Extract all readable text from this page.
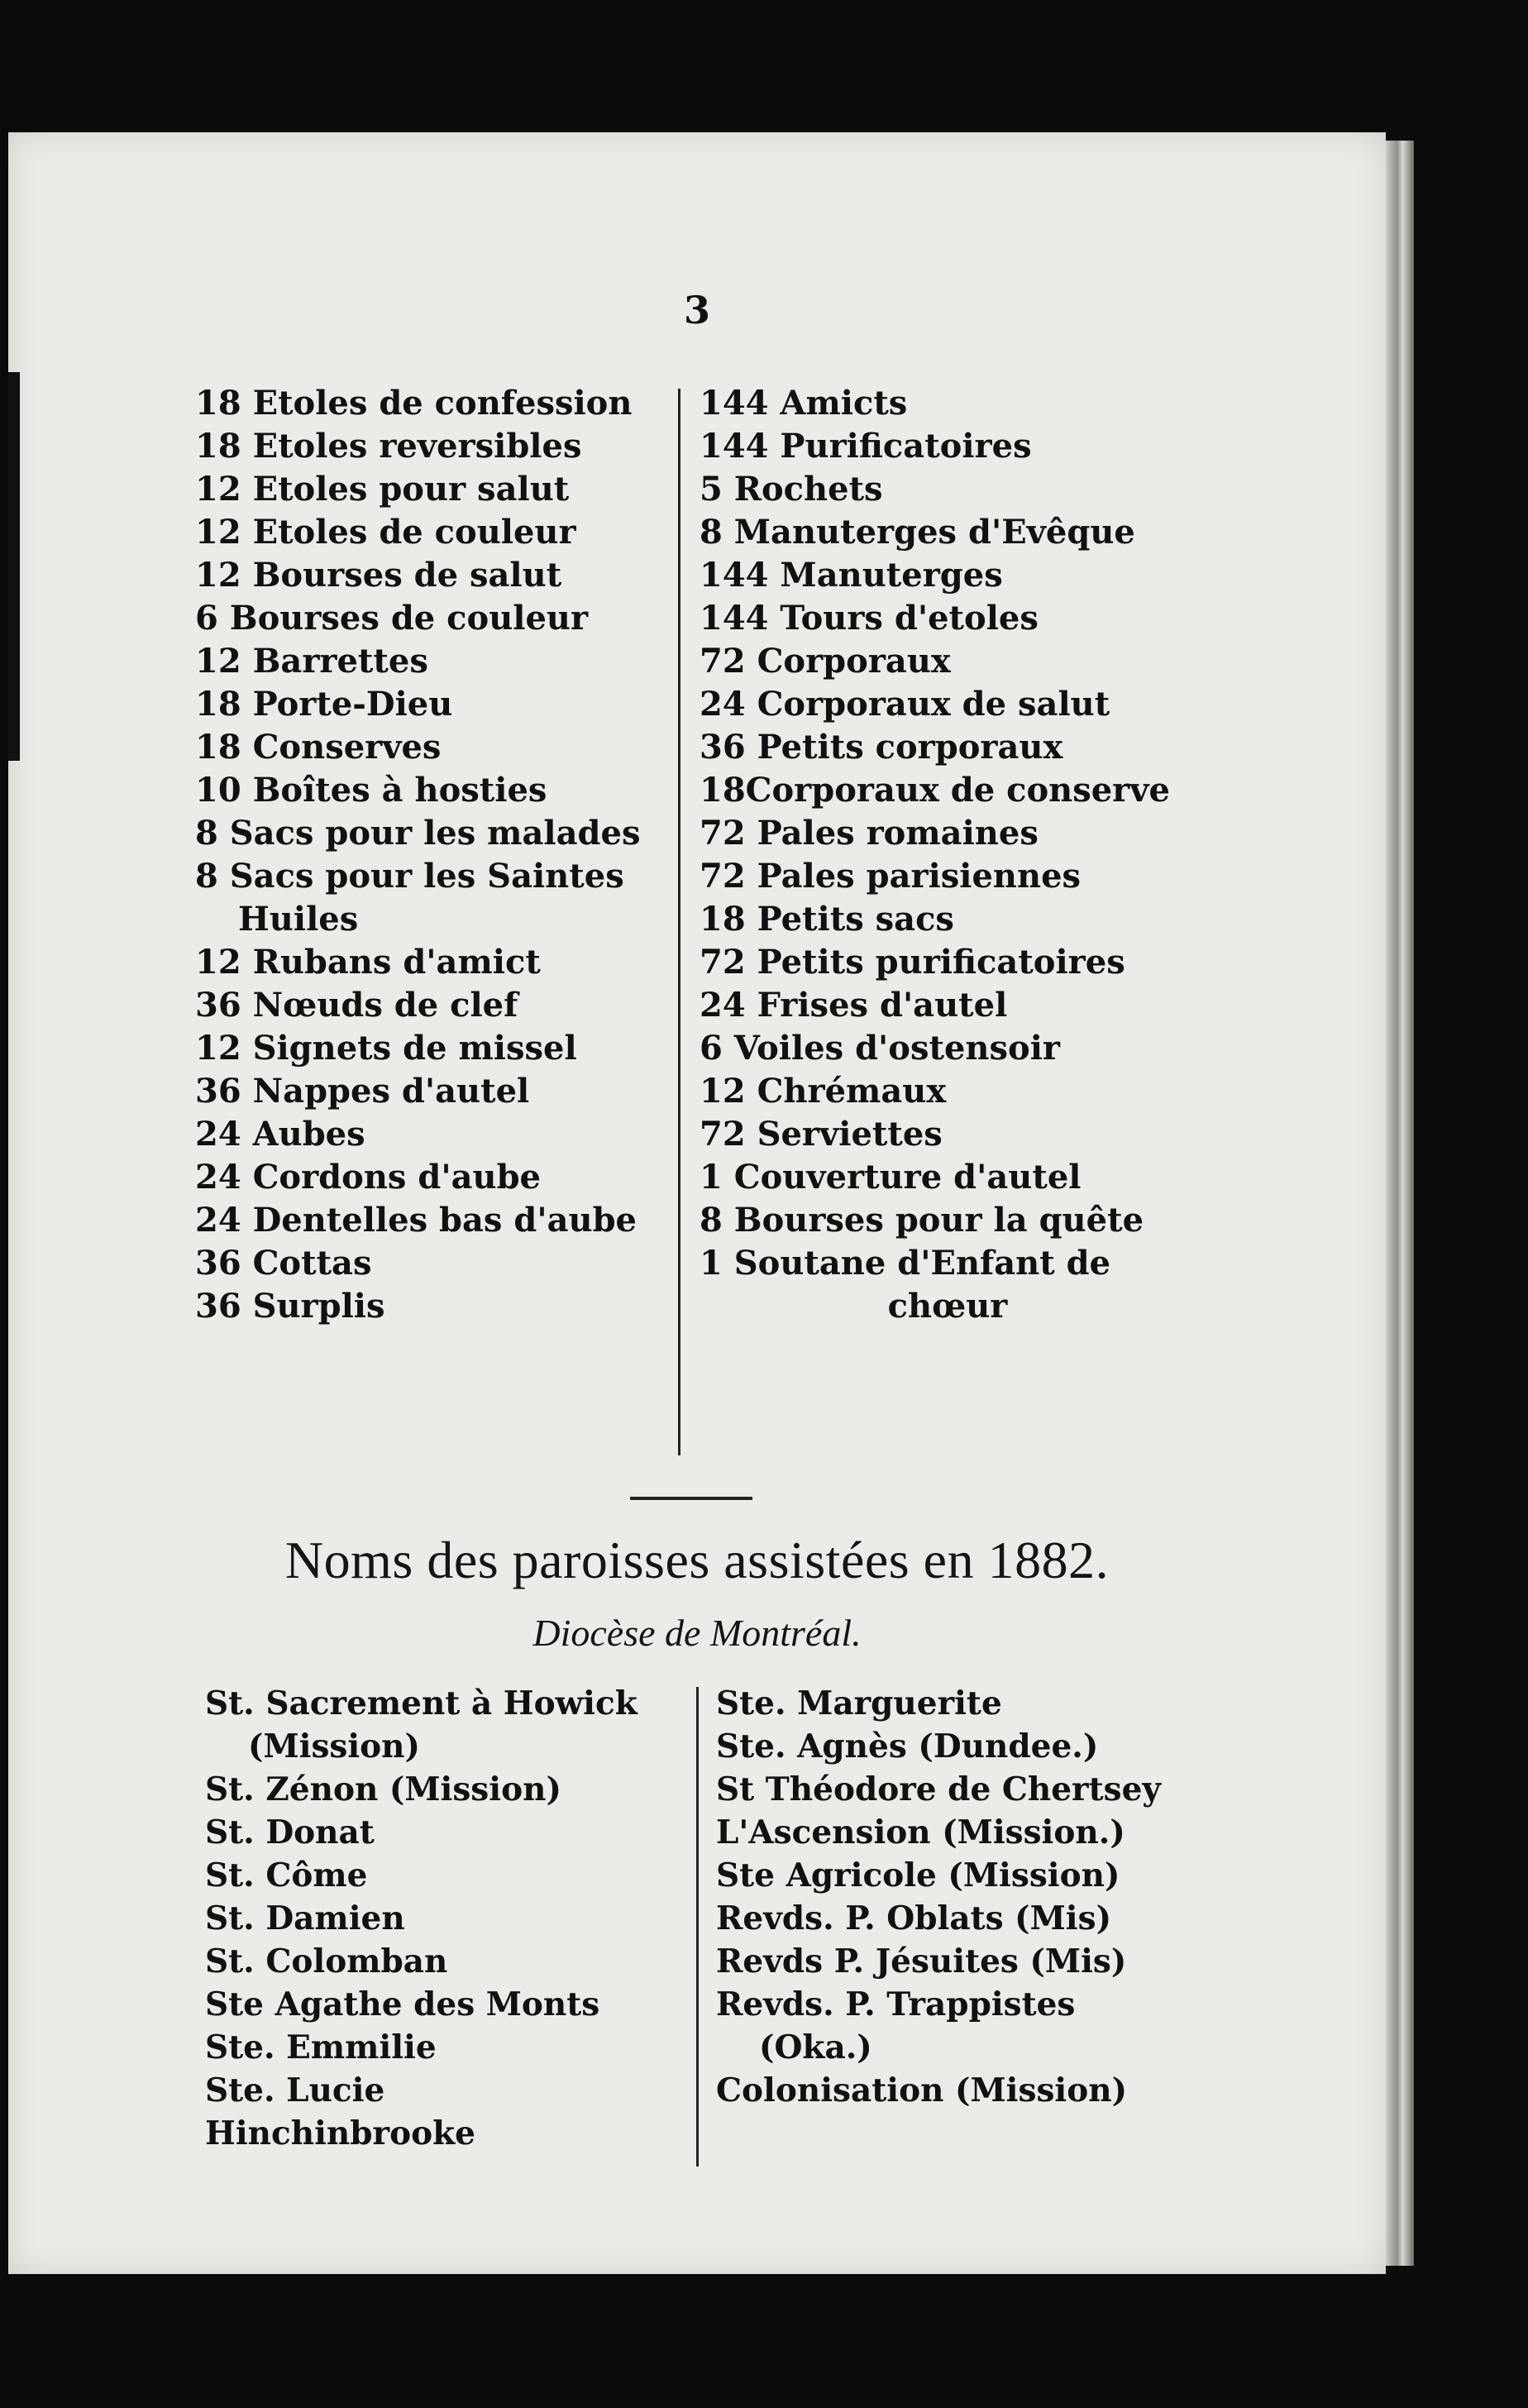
3
18 Etoles de confession
18 Etoles reversibles
12 Etoles pour salut
12 Etoles de couleur
12 Bourses de salut
6 Bourses de couleur
12 Barrettes
18 Porte-Dieu
18 Conserves
10 Boîtes à hosties
8 Sacs pour les malades
8 Sacs pour les Saintes
Huiles
12 Rubans d'amict
36 Nœuds de clef
12 Signets de missel
36 Nappes d'autel
24 Aubes
24 Cordons d'aube
24 Dentelles bas d'aube
36 Cottas
36 Surplis
144 Amicts
144 Purificatoires
5 Rochets
8 Manuterges d'Evêque
144 Manuterges
144 Tours d'etoles
72 Corporaux
24 Corporaux de salut
36 Petits corporaux
18Corporaux de conserve
72 Pales romaines
72 Pales parisiennes
18 Petits sacs
72 Petits purificatoires
24 Frises d'autel
6 Voiles d'ostensoir
12 Chrémaux
72 Serviettes
1 Couverture d'autel
8 Bourses pour la quête
1 Soutane d'Enfant de
chœur
Noms des paroisses assistées en 1882.
Diocèse de Montréal.
St. Sacrement à Howick
(Mission)
St. Zénon (Mission)
St. Donat
St. Côme
St. Damien
St. Colomban
Ste Agathe des Monts
Ste. Emmilie
Ste. Lucie
Hinchinbrooke
Ste. Marguerite
Ste. Agnès (Dundee.)
St Théodore de Chertsey
L'Ascension (Mission.)
Ste Agricole (Mission)
Revds. P. Oblats (Mis)
Revds P. Jésuites (Mis)
Revds. P. Trappistes
(Oka.)
Colonisation (Mission)
